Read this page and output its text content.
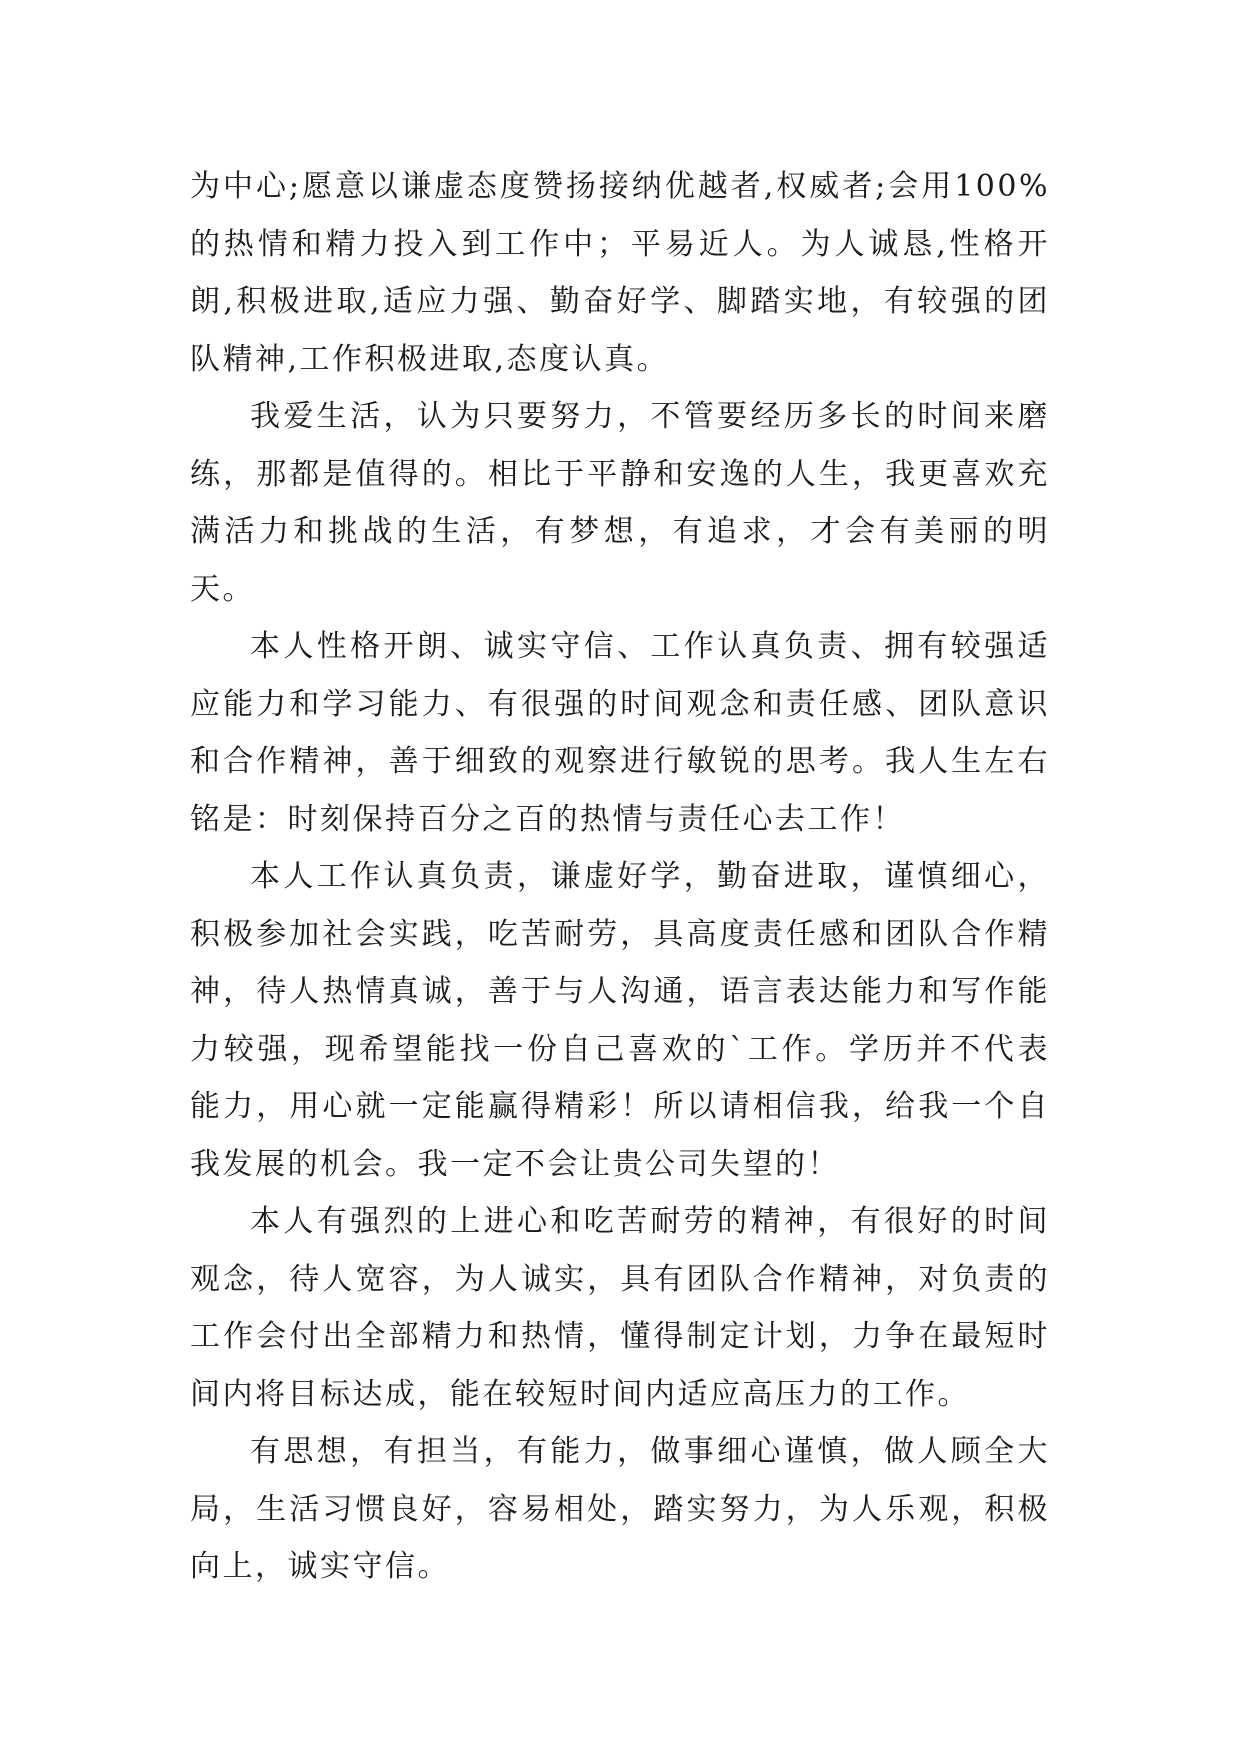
为中心;愿意以谦虚态度赞扬接纳优越者,权威者;会用100%的热情和精力投入到工作中；平易近人。为人诚恳,性格开朗,积极进取,适应力强、勤奋好学、脚踏实地，有较强的团队精神,工作积极进取,态度认真。

我爱生活，认为只要努力，不管要经历多长的时间来磨练，那都是值得的。相比于平静和安逸的人生，我更喜欢充满活力和挑战的生活，有梦想，有追求，才会有美丽的明天。

本人性格开朗、诚实守信、工作认真负责、拥有较强适应能力和学习能力、有很强的时间观念和责任感、团队意识和合作精神，善于细致的观察进行敏锐的思考。我人生左右铭是：时刻保持百分之百的热情与责任心去工作！

本人工作认真负责，谦虚好学，勤奋进取，谨慎细心，积极参加社会实践，吃苦耐劳，具高度责任感和团队合作精神，待人热情真诚，善于与人沟通，语言表达能力和写作能力较强，现希望能找一份自己喜欢的`工作。学历并不代表能力，用心就一定能赢得精彩！所以请相信我，给我一个自我发展的机会。我一定不会让贵公司失望的！

本人有强烈的上进心和吃苦耐劳的精神，有很好的时间观念，待人宽容，为人诚实，具有团队合作精神，对负责的工作会付出全部精力和热情，懂得制定计划，力争在最短时间内将目标达成，能在较短时间内适应高压力的工作。

有思想，有担当，有能力，做事细心谨慎，做人顾全大局，生活习惯良好，容易相处，踏实努力，为人乐观，积极向上，诚实守信。
